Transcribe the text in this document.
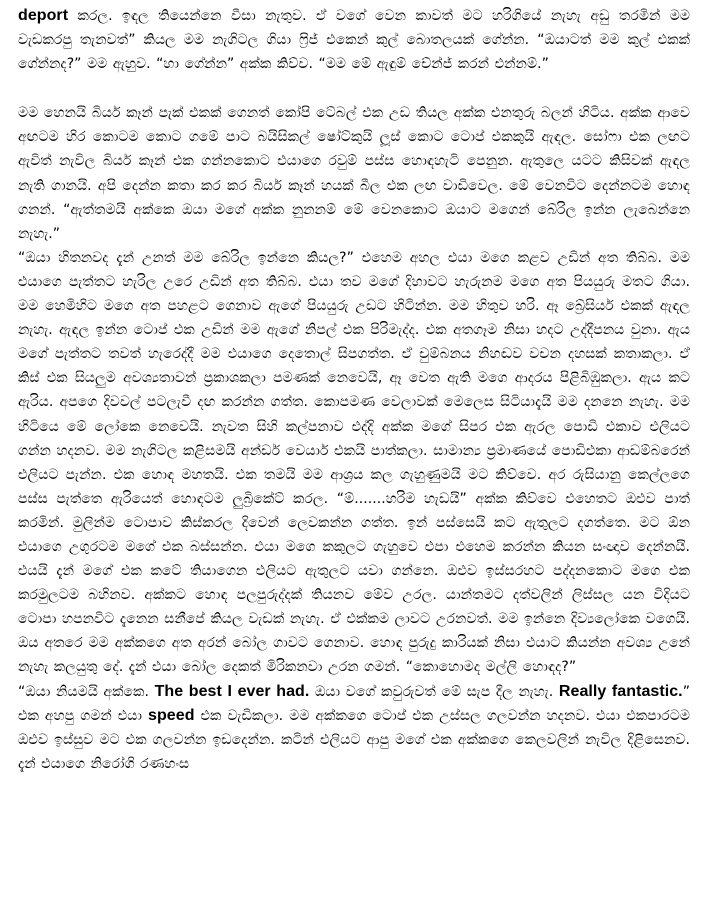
deport කරල. ඉඳල තියෙන්නෙ වීසා නැතුව. ඒ වගේ වෙන කාවත් මට හරිගියේ නැහැ අඩු තරමින් මම වැඩකරපු තැනවත්” කියල මම නැගිටල ගියා ෆ්‍රිජ් එකෙන් කුල් බොතලයක් ගේන්න. “ඔයාටත් මම කුල් එකක් ගේන්නද?” මම ඇහුව. “හා ගේන්න” අක්ක කිව්ව. “මම මේ ඇඳුම් චේන්ජ් කරන් එන්නම්.”

මම හෙනයි බියර් කෑන් පැක් එකක් ගෙනත් කෝපි ටේබල් එක උඩ තියල අක්ක එනතුරු බලන් හිටිය. අක්ක ආවෙ අඟටම හිර කොටම කොට ගමේ පාට බයිසිකල් ෂෝට්කුයි ලූස් කොට ටොප් එකකුයි ඇඳල. සෝෆා එක ලඟට ඇවිත් නැවිල බියර් කෑන් එක ගන්නකොට එයාගෙ රවුම් පස්ස හොඳහැටි පෙනුන. ඇතුලෙ යටට කිසිවක් ඇඳල නැති ගානයි. අපි දෙන්න කතා කර කර බියර් කෑන් හයක් බීල එක ලඟ වාඩිවෙල. මේ වෙනවිට දෙන්නටම හොඳ ගනන්. “ඇත්තමයි අක්කෙ ඔයා මගේ අක්ක නුනනම් මේ වෙනකොට ඔයාට මගෙන් බේරිල ඉන්න ලැබෙන්නෙ නැහැ.”

“ඔයා හිතනවද දැන් උනත් මම බේරිල ඉන්නෙ කියල?” එහෙම අහල එයා මගෙ කළව උඩින් අත තිබ්බ. මම එයාගෙ පැත්තට හැරිල උරෙ උඩින් අත තිබ්බ. එයා තව මගේ දිහාවට හැරුනම මගෙ අත පියයුරු මතට ගියා. මම හෙමිහිට මගෙ අත පහළට ගෙනාව ඇගේ පියයුරු උඩට හිටින්න. මම හිතුව හරි. ඈ බ්‍රේසියර් එකක් ඇඳල නැහැ. ඇඳල ඉන්න ටොප් එක උඩින් මම ඇගේ නිපල් එක පිරිමැද්ද. එක අතගෑම නිසා හදට උද්දීපනය වුනා. ඇය මගේ පැත්තට තවත් හැරෙද්දී මම එයාගෙ දෙතොල් සිපගත්ත. ඒ චුම්බනය නිහඬව වචන දහසක් කතාකලා. ඒ කිස් එක සියලුම අවශ්‍යතාවන් ප්‍රකාශකලා පමණක් නෙවෙයි, ඈ වෙත ඇති මගෙ ආදරය පිළිබිඹුකලා. ඇය කට ඇරිය. අපගෙ දිවවල් පටලැවී දඟ කරන්න ගත්ත. කොපමණ වෙලාවක් මෙලෙස සිටියාදැයි මම දනනෙ නැහැ. මම හිටියෙ මේ ලෝකෙ නෙවෙයි. නැවත සිහි කල්පනාව එද්දි අක්ක මගේ සිපර එක ඇරල පොඩි එකාව එලියට ගන්න හදනව. මම නැගිටල කළිසමයි අන්ඩර් වෙයාර් එකයි පාත්කලා. සාමාන්‍ය ප්‍රමාණයේ පොඩිඑකා ආඩම්බරෙන් එලියට පැන්න. එක හොඳ මහතයි. එක තමයි මම ආශ්‍රය කල ගැහුණුමයි මට කිව්වෙ. අර රුසියානු කෙල්ලගෙ පස්ස පැත්තෙ ඇරියෙත් හොඳටම ලුබ්‍රිකේට් කරල. “ම්.......හරිම හැඩයි” අක්ක කිව්වෙ එහෙතට ඔළුව පාත් කරමින්. මුලින්ම ටොපාව කිස්කරල දිවෙන් ලෙවකන්න ගත්ත. ඉන් පස්සෙයි කට ඇතුලට දගත්තෙ. මට ඕන එයාගෙ උගුරටම මගේ එක බස්සන්න. එයා මගෙ කකුලට ගැහුවෙ එපා එහෙම කරන්න කියන සංඥාව දෙන්නයි. එයයි දැන් මගේ එක කටේ තියාගෙන එලියට ඇතුලට යවා ගන්නෙ. ඔළුව ඉස්සරහට පද්දනකොට මගෙ එක කරමුලටම බහිනව. අක්කට හොඳ පලපුරුද්දක් තියනව මේව උරල. යාන්තමට දත්වලින් ලිස්සල යන විදියට ටොපා හපනවිට දැනෙන සනීපේ කියල වැඩක් නැහැ. ඒ එක්කම ලාවට උරනවත්. මම ඉන්නෙ දිව්‍යලෝකෙ වගෙයි. ඔය අතරෙ මම අක්කගෙ අත අරන් බෝල ගාවට ගෙනාව. හොඳ පුරුදු කාරියක් නිසා එයාට කියන්න අවශ්‍ය උනේ නැහැ කලයුතු දේ. දැන් එයා බෝල දෙකත් මිරිකනවා උරන ගමන්. “කොහොමද මල්ලි හොඳද?”

“ඔයා නියමයි අක්කෙ. The best I ever had. ඔයා වගේ කවුරුවත් මේ සැප දීල නැහැ. Really fantastic.” එක අහපු ගමන් එයා speed එක වැඩිකලා. මම අක්කගෙ ටොප් එක උස්සල ගලවන්න හදනව. එයා එකපාරටම ඔළුව ඉස්සුව මට එක ගලවන්න ඉඩදෙන්න. කටින් එලියට ආපු මගේ එක අක්කගෙ කෙලවලින් නැවිල දිළිසෙනව. දැන් එයාගෙ නිරෝගි රණහංස
